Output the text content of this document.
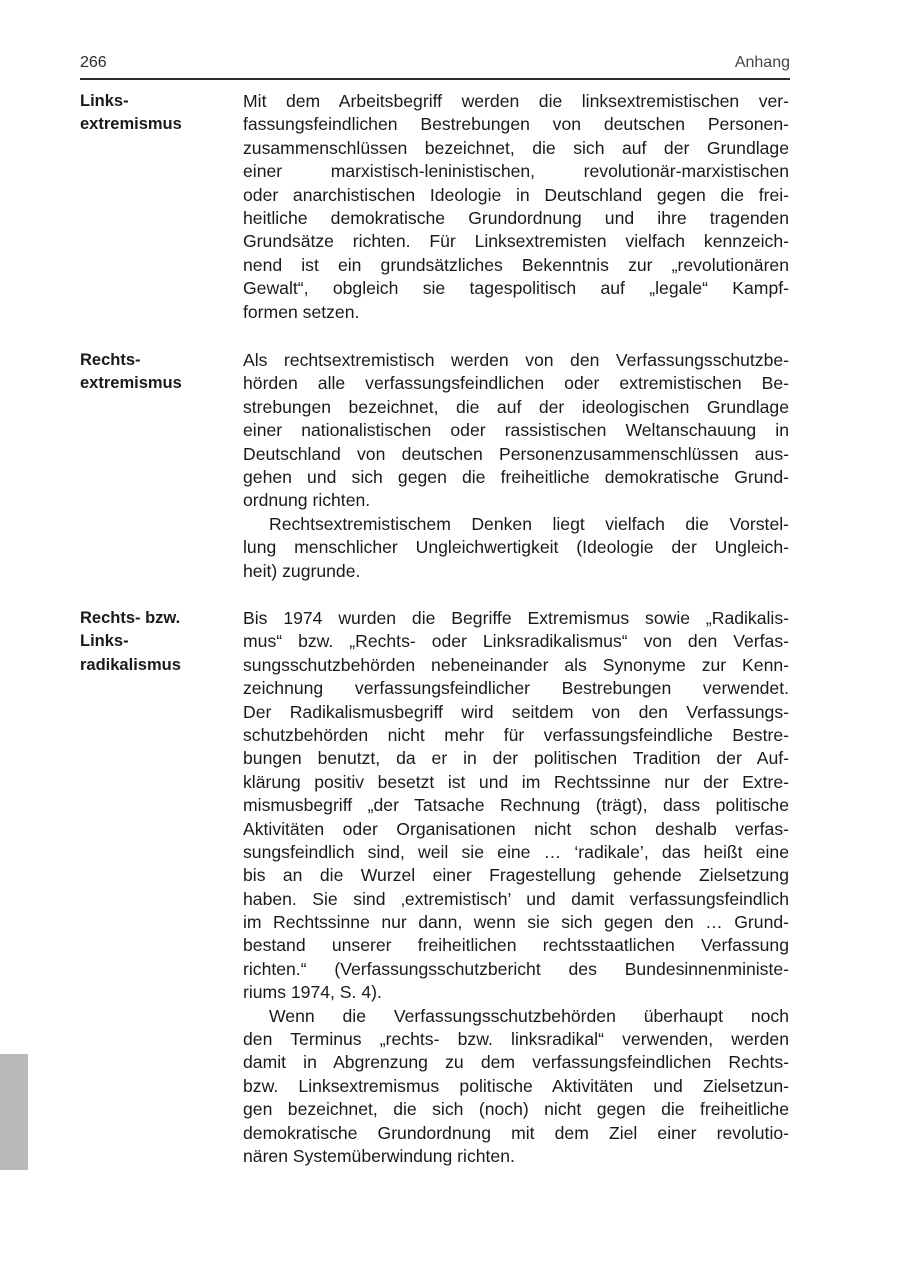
266	Anhang
Links-
extremismus
Mit dem Arbeitsbegriff werden die linksextremistischen ver-
fassungsfeindlichen Bestrebungen von deutschen Personen-
zusammenschlüssen bezeichnet, die sich auf der Grundlage
einer marxistisch-leninistischen, revolutionär-marxistischen
oder anarchistischen Ideologie in Deutschland gegen die frei-
heitliche demokratische Grundordnung und ihre tragenden
Grundsätze richten. Für Linksextremisten vielfach kennzeich-
nend ist ein grundsätzliches Bekenntnis zur „revolutionären
Gewalt“, obgleich sie tagespolitisch auf „legale“ Kampf-
formen setzen.
Rechts-
extremismus
Als rechtsextremistisch werden von den Verfassungsschutzbe-
hörden alle verfassungsfeindlichen oder extremistischen Be-
strebungen bezeichnet, die auf der ideologischen Grundlage
einer nationalistischen oder rassistischen Weltanschauung in
Deutschland von deutschen Personenzusammenschlüssen aus-
gehen und sich gegen die freiheitliche demokratische Grund-
ordnung richten.
Rechtsextremistischem Denken liegt vielfach die Vorstel-
lung menschlicher Ungleichwertigkeit (Ideologie der Ungleich-
heit) zugrunde.
Rechts- bzw.
Links-
radikalismus
Bis 1974 wurden die Begriffe Extremismus sowie „Radikalis-
mus“ bzw. „Rechts- oder Linksradikalismus“ von den Verfas-
sungsschutzbehörden nebeneinander als Synonyme zur Kenn-
zeichnung verfassungsfeindlicher Bestrebungen verwendet.
Der Radikalismusbegriff wird seitdem von den Verfassungs-
schutzbehörden nicht mehr für verfassungsfeindliche Bestre-
bungen benutzt, da er in der politischen Tradition der Auf-
klärung positiv besetzt ist und im Rechtssinne nur der Extre-
mismusbegriff „der Tatsache Rechnung (trägt), dass politische
Aktivitäten oder Organisationen nicht schon deshalb verfas-
sungsfeindlich sind, weil sie eine … ‘radikale’, das heißt eine
bis an die Wurzel einer Fragestellung gehende Zielsetzung
haben. Sie sind ‚extremistisch’ und damit verfassungsfeindlich
im Rechtssinne nur dann, wenn sie sich gegen den … Grund-
bestand unserer freiheitlichen rechtsstaatlichen Verfassung
richten.“ (Verfassungsschutzbericht des Bundesinnenministe-
riums 1974, S. 4).
Wenn die Verfassungsschutzbehörden überhaupt noch
den Terminus „rechts- bzw. linksradikal“ verwenden, werden
damit in Abgrenzung zu dem verfassungsfeindlichen Rechts-
bzw. Linksextremismus politische Aktivitäten und Zielsetzun-
gen bezeichnet, die sich (noch) nicht gegen die freiheitliche
demokratische Grundordnung mit dem Ziel einer revolutio-
nären Systemüberwindung richten.
